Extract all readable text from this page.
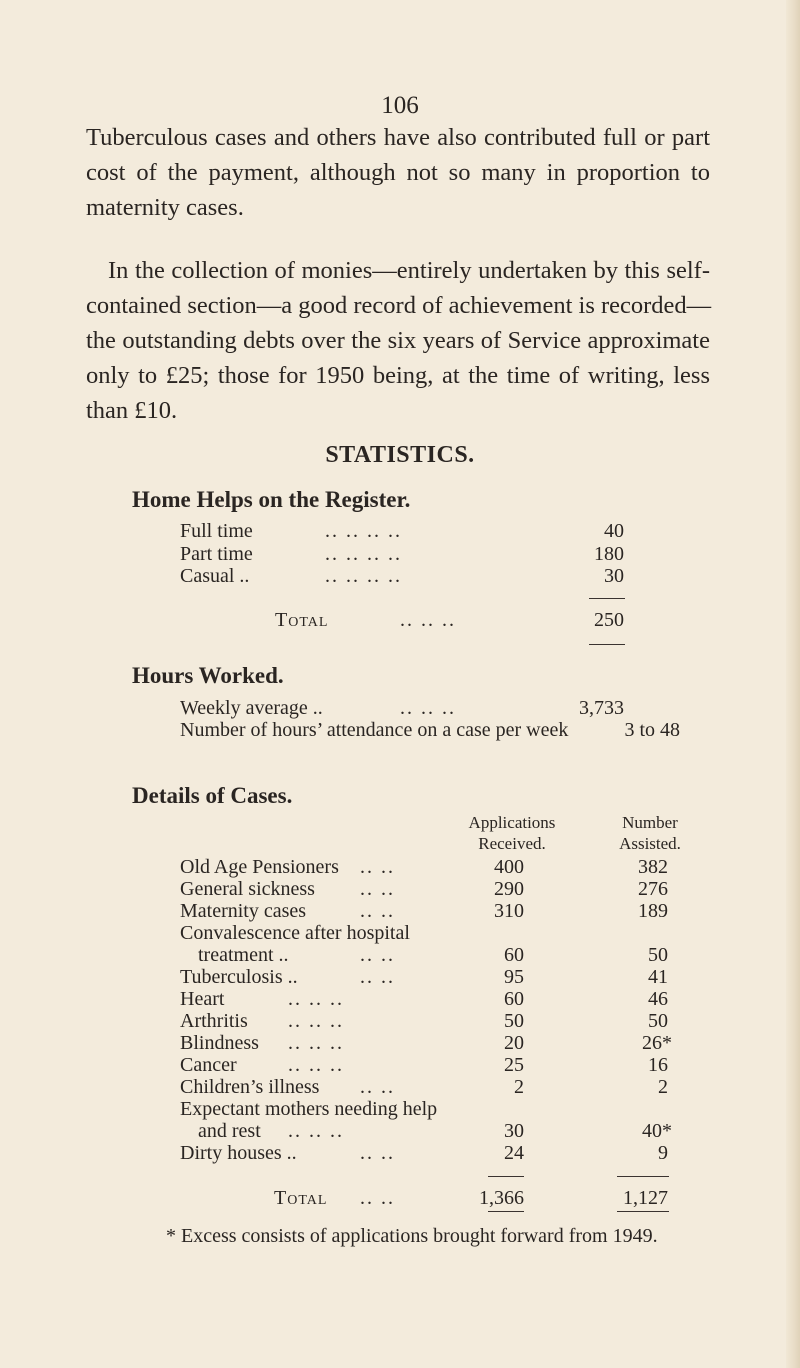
106
Tuberculous cases and others have also contributed full or part
cost of the payment, although not so many in proportion to
maternity cases.
In the collection of monies—entirely undertaken by this self-
contained section—a good record of achievement is recorded—
the outstanding debts over the six years of Service approximate
only to £25; those for 1950 being, at the time of writing, less
than £10.
STATISTICS.
Home Helps on the Register.
Full time	.. .. .. ..	40
Part time	.. .. .. ..	180
Casual ..	.. .. .. ..	30
Total	.. .. ..	250
Hours Worked.
Weekly average ..	.. .. ..	3,733
Number of hours’ attendance on a case per week	3 to 48
Details of Cases.
Applications
Received.
Number
Assisted.
Old Age Pensioners .. ..	400	382
General sickness .. ..	290	276
Maternity cases	.. ..	310	189
Convalescence after hospital
treatment ..	.. ..	60	50
Tuberculosis ..	.. ..	95	41
Heart	.. .. ..	60	46
Arthritis .. .. ..	50	50
Blindness .. .. ..	20	26*
Cancer	.. .. ..	25	16
Children’s illness .. ..	2	2
Expectant mothers needing help
and rest .. .. ..	30	40*
Dirty houses ..	.. ..	24	9
Total .. ..	1,366	1,127
* Excess consists of applications brought forward from 1949.
